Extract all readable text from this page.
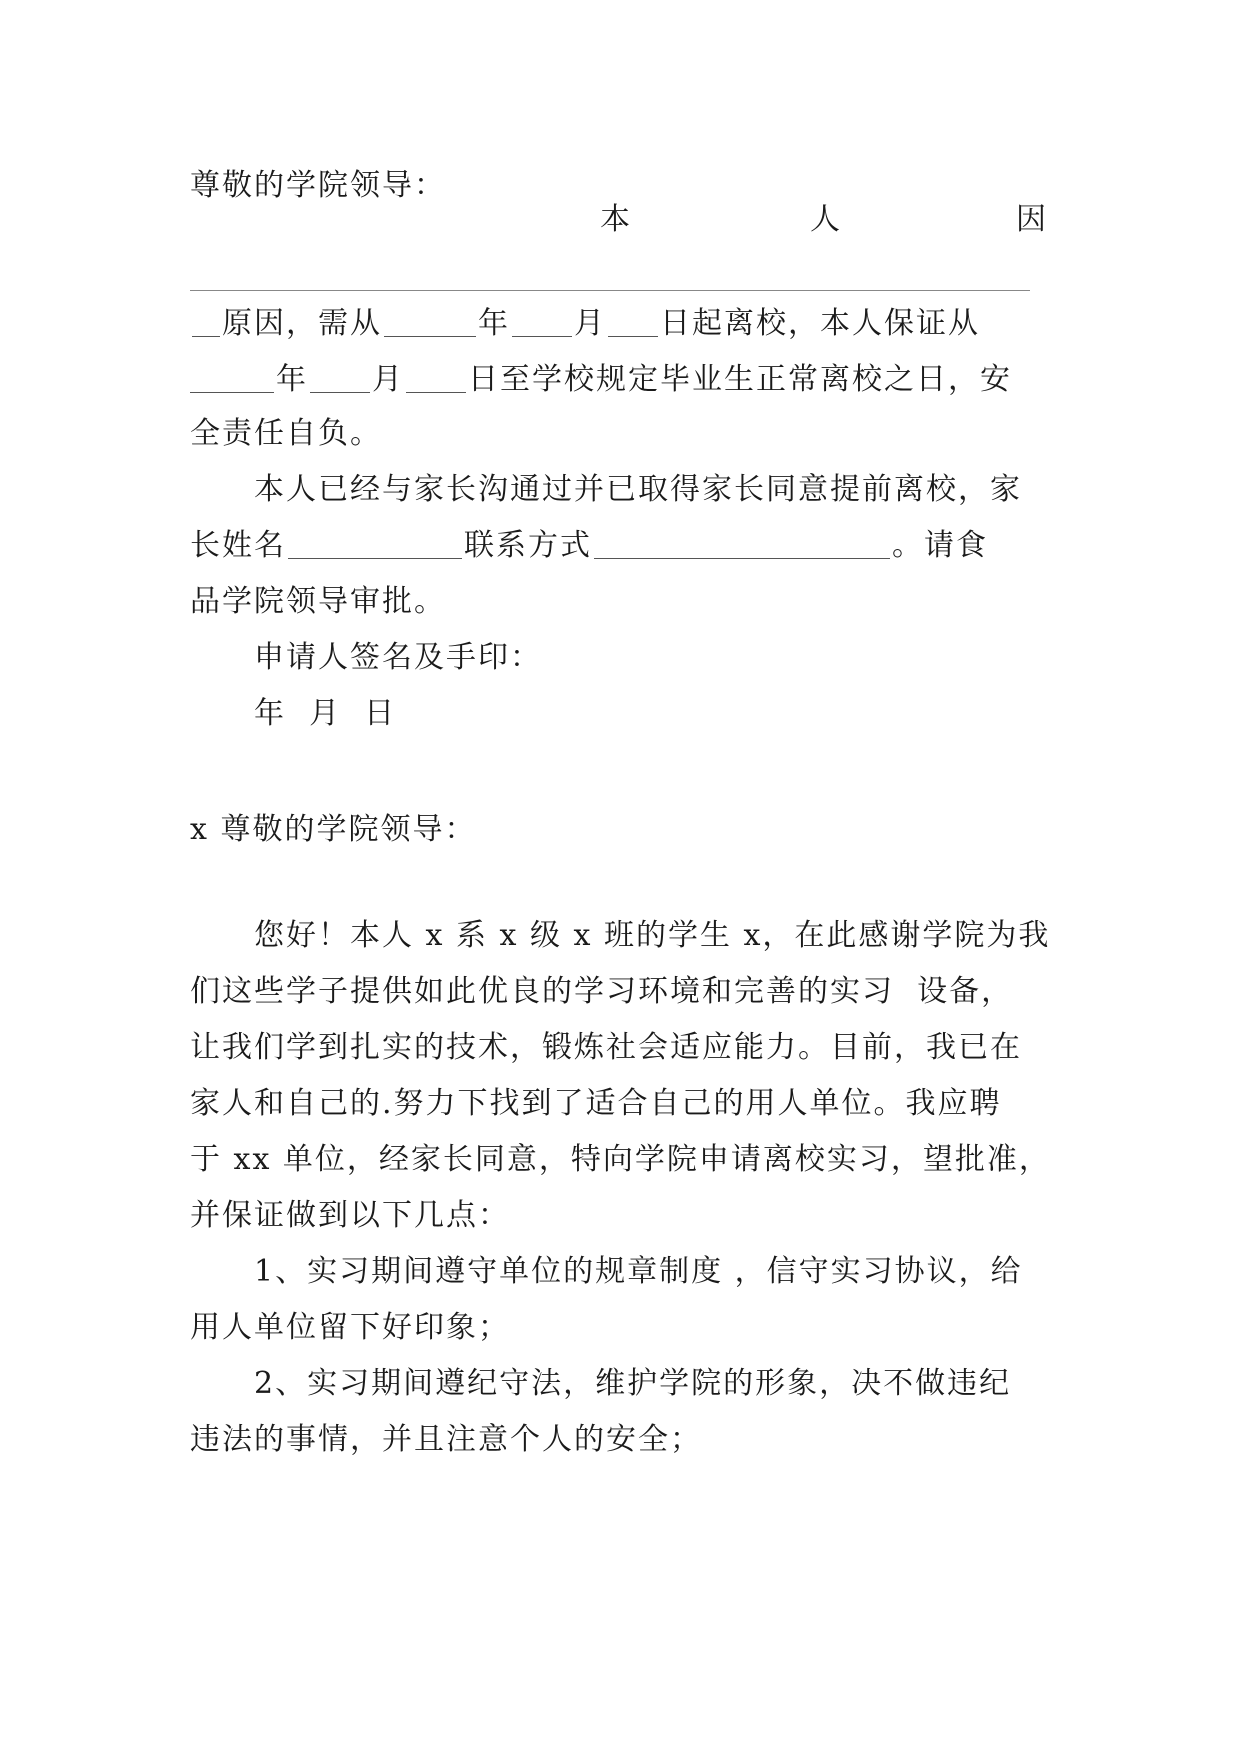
尊敬的学院领导：
本	人	因
原因，需从	年 月 日起离校，本人保证从
年 月 日至学校规定毕业生正常离校之日，安
全责任自负。
本人已经与家长沟通过并已取得家长同意提前离校，家
长姓名	联系方式	。请食
品学院领导审批。
申请人签名及手印：
年  月  日
x 尊敬的学院领导：
您好！本人 x 系 x 级 x 班的学生 x，在此感谢学院为我
们这些学子提供如此优良的学习环境和完善的实习  设备，
让我们学到扎实的技术，锻炼社会适应能力。目前，我已在
家人和自己的.努力下找到了适合自己的用人单位。我应聘
于 xx 单位，经家长同意，特向学院申请离校实习，望批准，
并保证做到以下几点：
1、实习期间遵守单位的规章制度 ，信守实习协议，给
用人单位留下好印象；
2、实习期间遵纪守法，维护学院的形象，决不做违纪
违法的事情，并且注意个人的安全；
